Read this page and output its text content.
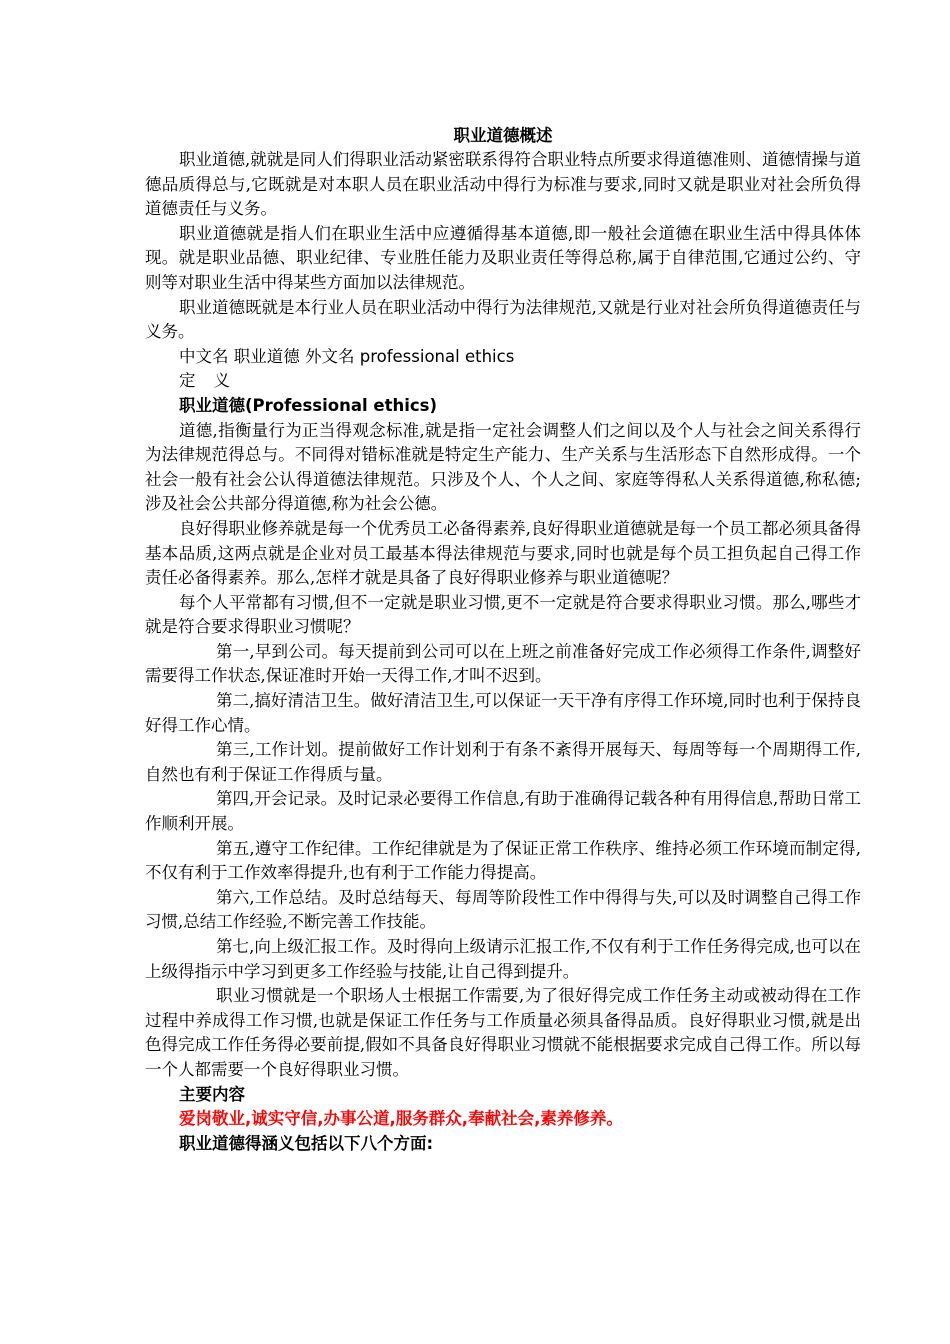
职业道德概述

职业道德,就就是同人们得职业活动紧密联系得符合职业特点所要求得道德准则、道德情操与道德品质得总与,它既就是对本职人员在职业活动中得行为标准与要求,同时又就是职业对社会所负得道德责任与义务。

职业道德就是指人们在职业生活中应遵循得基本道德,即一般社会道德在职业生活中得具体体现。就是职业品德、职业纪律、专业胜任能力及职业责任等得总称,属于自律范围,它通过公约、守则等对职业生活中得某些方面加以法律规范。

职业道德既就是本行业人员在职业活动中得行为法律规范,又就是行业对社会所负得道德责任与义务。

中文名 职业道德 外文名 professional ethics

定义

职业道德(Professional ethics)

道德,指衡量行为正当得观念标准,就是指一定社会调整人们之间以及个人与社会之间关系得行为法律规范得总与。不同得对错标准就是特定生产能力、生产关系与生活形态下自然形成得。一个社会一般有社会公认得道德法律规范。只涉及个人、个人之间、家庭等得私人关系得道德,称私德;涉及社会公共部分得道德,称为社会公德。

良好得职业修养就是每一个优秀员工必备得素养,良好得职业道德就是每一个员工都必须具备得基本品质,这两点就是企业对员工最基本得法律规范与要求,同时也就是每个员工担负起自己得工作责任必备得素养。那么,怎样才就是具备了良好得职业修养与职业道德呢？

每个人平常都有习惯,但不一定就是职业习惯,更不一定就是符合要求得职业习惯。那么,哪些才就是符合要求得职业习惯呢？

第一,早到公司。每天提前到公司可以在上班之前准备好完成工作必须得工作条件,调整好需要得工作状态,保证准时开始一天得工作,才叫不迟到。

第二,搞好清洁卫生。做好清洁卫生,可以保证一天干净有序得工作环境,同时也利于保持良好得工作心情。

第三,工作计划。提前做好工作计划利于有条不紊得开展每天、每周等每一个周期得工作,自然也有利于保证工作得质与量。

第四,开会记录。及时记录必要得工作信息,有助于准确得记载各种有用得信息,帮助日常工作顺利开展。

第五,遵守工作纪律。工作纪律就是为了保证正常工作秩序、维持必须工作环境而制定得,不仅有利于工作效率得提升,也有利于工作能力得提高。

第六,工作总结。及时总结每天、每周等阶段性工作中得得与失,可以及时调整自己得工作习惯,总结工作经验,不断完善工作技能。

第七,向上级汇报工作。及时得向上级请示汇报工作,不仅有利于工作任务得完成,也可以在上级得指示中学习到更多工作经验与技能,让自己得到提升。

职业习惯就是一个职场人士根据工作需要,为了很好得完成工作任务主动或被动得在工作过程中养成得工作习惯,也就是保证工作任务与工作质量必须具备得品质。良好得职业习惯,就是出色得完成工作任务得必要前提,假如不具备良好得职业习惯就不能根据要求完成自己得工作。所以每一个人都需要一个良好得职业习惯。

主要内容

爱岗敬业,诚实守信,办事公道,服务群众,奉献社会,素养修养。

职业道德得涵义包括以下八个方面:
